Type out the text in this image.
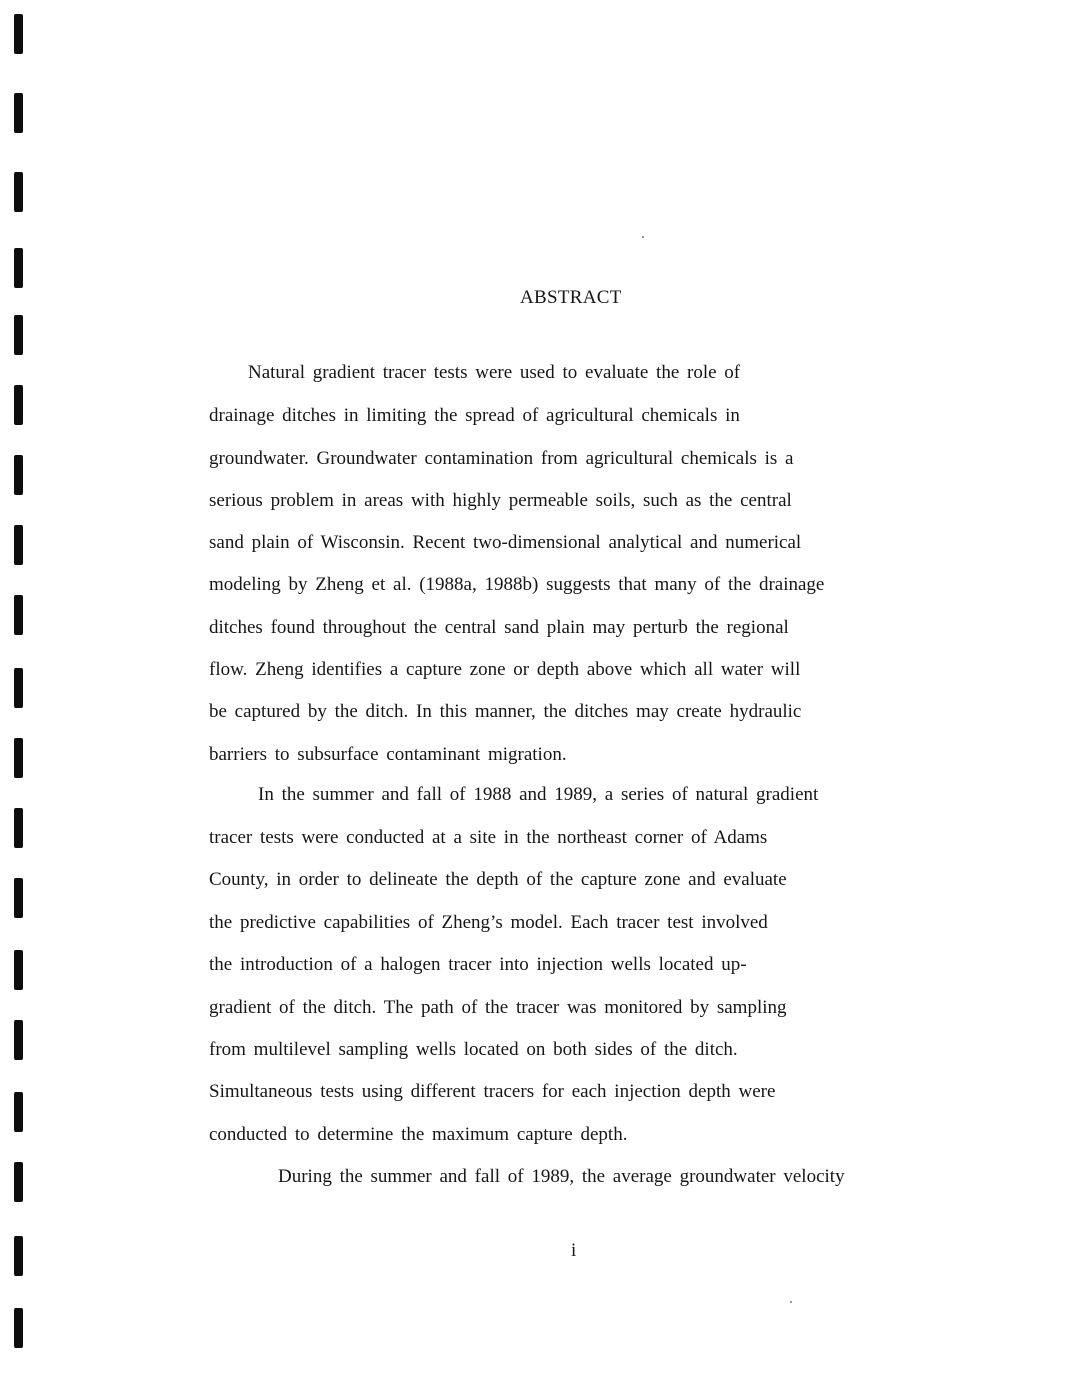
ABSTRACT
Natural gradient tracer tests were used to evaluate the role of
drainage ditches in limiting the spread of agricultural chemicals in
groundwater. Groundwater contamination from agricultural chemicals is a
serious problem in areas with highly permeable soils, such as the central
sand plain of Wisconsin. Recent two-dimensional analytical and numerical
modeling by Zheng et al. (1988a, 1988b) suggests that many of the drainage
ditches found throughout the central sand plain may perturb the regional
flow. Zheng identifies a capture zone or depth above which all water will
be captured by the ditch. In this manner, the ditches may create hydraulic
barriers to subsurface contaminant migration.
In the summer and fall of 1988 and 1989, a series of natural gradient
tracer tests were conducted at a site in the northeast corner of Adams
County, in order to delineate the depth of the capture zone and evaluate
the predictive capabilities of Zheng’s model. Each tracer test involved
the introduction of a halogen tracer into injection wells located up-
gradient of the ditch. The path of the tracer was monitored by sampling
from multilevel sampling wells located on both sides of the ditch.
Simultaneous tests using different tracers for each injection depth were
conducted to determine the maximum capture depth.
During the summer and fall of 1989, the average groundwater velocity
i
